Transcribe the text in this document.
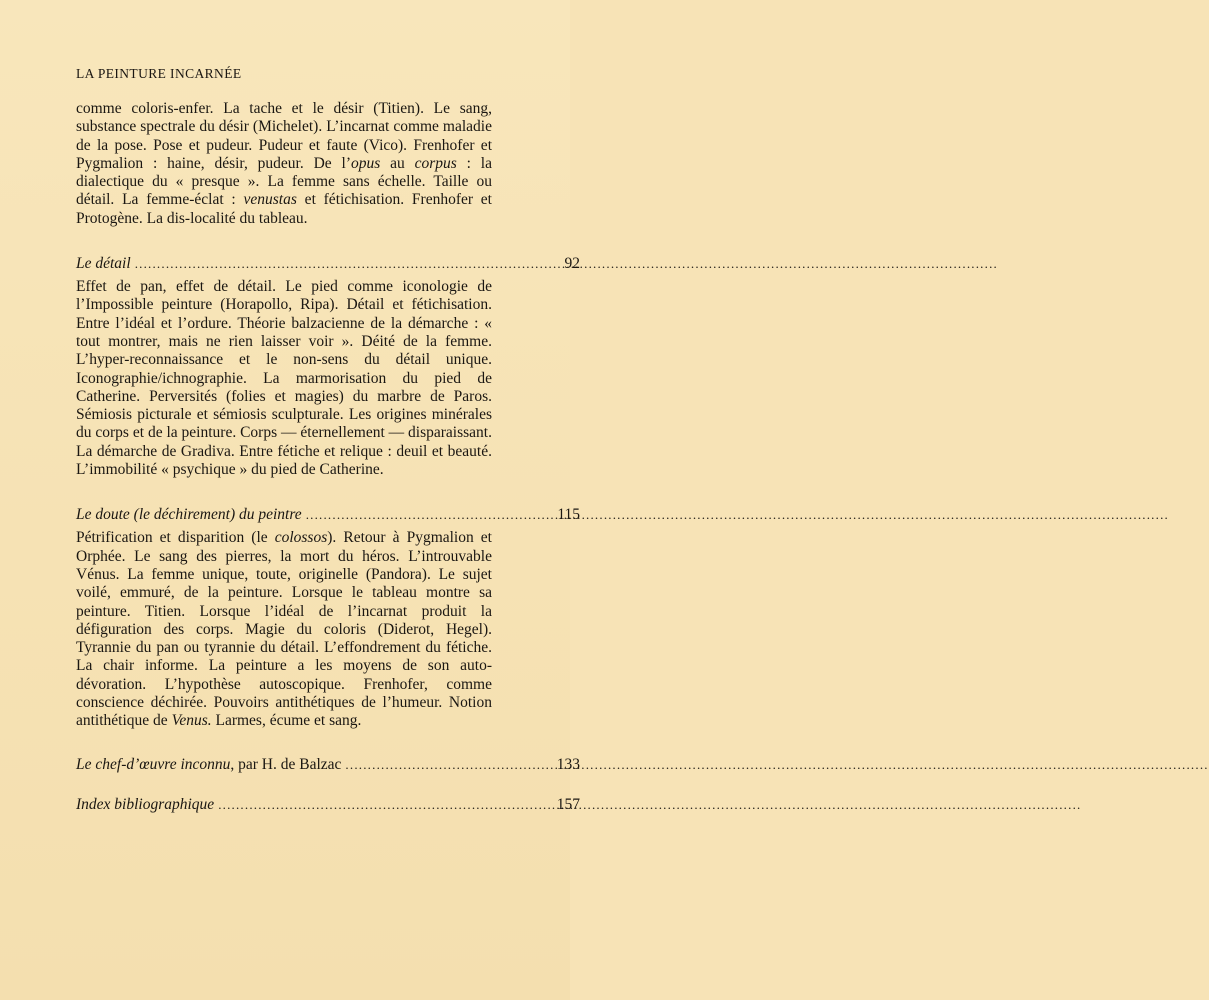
LA PEINTURE INCARNÉE

comme coloris-enfer. La tache et le désir (Titien). Le sang, substance spectrale du désir (Michelet). L’incarnat comme maladie de la pose. Pose et pudeur. Pudeur et faute (Vico). Frenhofer et Pygmalion : haine, désir, pudeur. De l’opus au corpus : la dialectique du « presque ». La femme sans échelle. Taille ou détail. La femme-éclat : venustas et fétichisation. Frenhofer et Protogène. La dis-localité du tableau.

Le détail .....	92

Effet de pan, effet de détail. Le pied comme iconologie de l’Impossible peinture (Horapollo, Ripa). Détail et fétichisation. Entre l’idéal et l’ordure. Théorie balzacienne de la démarche : « tout montrer, mais ne rien laisser voir ». Déité de la femme. L’hyper-reconnaissance et le non-sens du détail unique. Iconographie/ichnographie. La marmorisation du pied de Catherine. Perversités (folies et magies) du marbre de Paros. Sémiosis picturale et sémiosis sculpturale. Les origines minérales du corps et de la peinture. Corps — éternellement — disparaissant. La démarche de Gradiva. Entre fétiche et relique : deuil et beauté. L’immobilité « psychique » du pied de Catherine.

Le doute (le déchirement) du peintre .....	115

Pétrification et disparition (le colossos). Retour à Pygmalion et Orphée. Le sang des pierres, la mort du héros. L’introuvable Vénus. La femme unique, toute, originelle (Pandora). Le sujet voilé, emmuré, de la peinture. Lorsque le tableau montre sa peinture. Titien. Lorsque l’idéal de l’incarnat produit la défiguration des corps. Magie du coloris (Diderot, Hegel). Tyrannie du pan ou tyrannie du détail. L’effondrement du fétiche. La chair informe. La peinture a les moyens de son auto-dévoration. L’hypothèse autoscopique. Frenhofer, comme conscience déchirée. Pouvoirs antithétiques de l’humeur. Notion antithétique de Venus. Larmes, écume et sang.

Le chef-d’œuvre inconnu, par H. de Balzac .....	133
Index bibliographique .....	157
